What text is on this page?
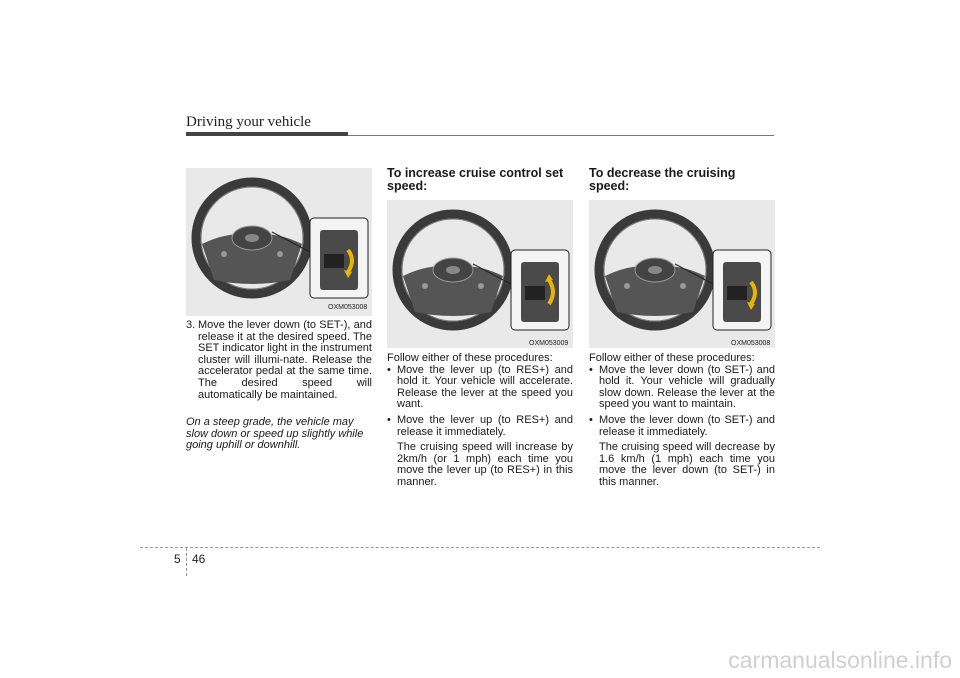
Driving your vehicle
OXM053008
3. Move the lever down (to SET-), and release it at the desired speed. The SET indicator light in the instrument cluster will illumi-nate. Release the accelerator pedal at the same time. The desired speed will automatically be maintained.
On a steep grade, the vehicle may slow down or speed up slightly while going uphill or downhill.
To increase cruise control set speed:
OXM053009
Follow either of these procedures:
• Move the lever up (to RES+) and hold it. Your vehicle will accelerate. Release the lever at the speed you want.
• Move the lever up (to RES+) and release it immediately.
The cruising speed will increase by 2km/h (or 1 mph) each time you move the lever up (to RES+) in this manner.
To decrease the cruising speed:
OXM053008
Follow either of these procedures:
• Move the lever down (to SET-) and hold it. Your vehicle will gradually slow down. Release the lever at the speed you want to maintain.
• Move the lever down (to SET-) and release it immediately.
The cruising speed will decrease by 1.6 km/h (1 mph) each time you move the lever down (to SET-) in this manner.
5 46
carmanualsonline.info
